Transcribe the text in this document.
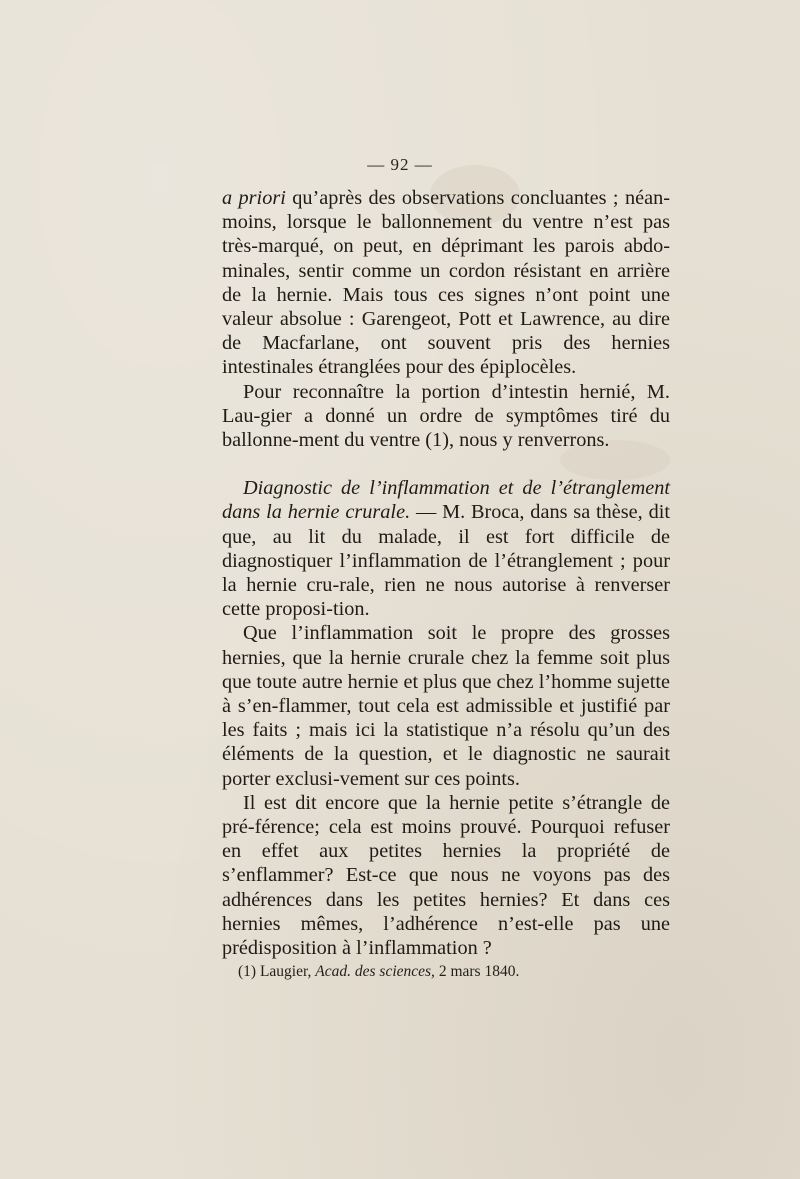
— 92 —

a priori qu’après des observations concluantes ; néan-moins, lorsque le ballonnement du ventre n’est pas très-marqué, on peut, en déprimant les parois abdo-minales, sentir comme un cordon résistant en arrière de la hernie. Mais tous ces signes n’ont point une valeur absolue : Garengeot, Pott et Lawrence, au dire de Macfarlane, ont souvent pris des hernies intestinales étranglées pour des épiplocèles.

Pour reconnaître la portion d’intestin hernié, M. Lau-gier a donné un ordre de symptômes tiré du ballonne-ment du ventre (1), nous y renverrons.

Diagnostic de l’inflammation et de l’étranglement dans la hernie crurale. — M. Broca, dans sa thèse, dit que, au lit du malade, il est fort difficile de diagnostiquer l’inflammation de l’étranglement ; pour la hernie cru-rale, rien ne nous autorise à renverser cette proposi-tion.

Que l’inflammation soit le propre des grosses hernies, que la hernie crurale chez la femme soit plus que toute autre hernie et plus que chez l’homme sujette à s’en-flammer, tout cela est admissible et justifié par les faits ; mais ici la statistique n’a résolu qu’un des éléments de la question, et le diagnostic ne saurait porter exclusi-vement sur ces points.

Il est dit encore que la hernie petite s’étrangle de pré-férence; cela est moins prouvé. Pourquoi refuser en effet aux petites hernies la propriété de s’enflammer? Est-ce que nous ne voyons pas des adhérences dans les petites hernies? Et dans ces hernies mêmes, l’adhérence n’est-elle pas une prédisposition à l’inflammation ?

(1) Laugier, Acad. des sciences, 2 mars 1840.
